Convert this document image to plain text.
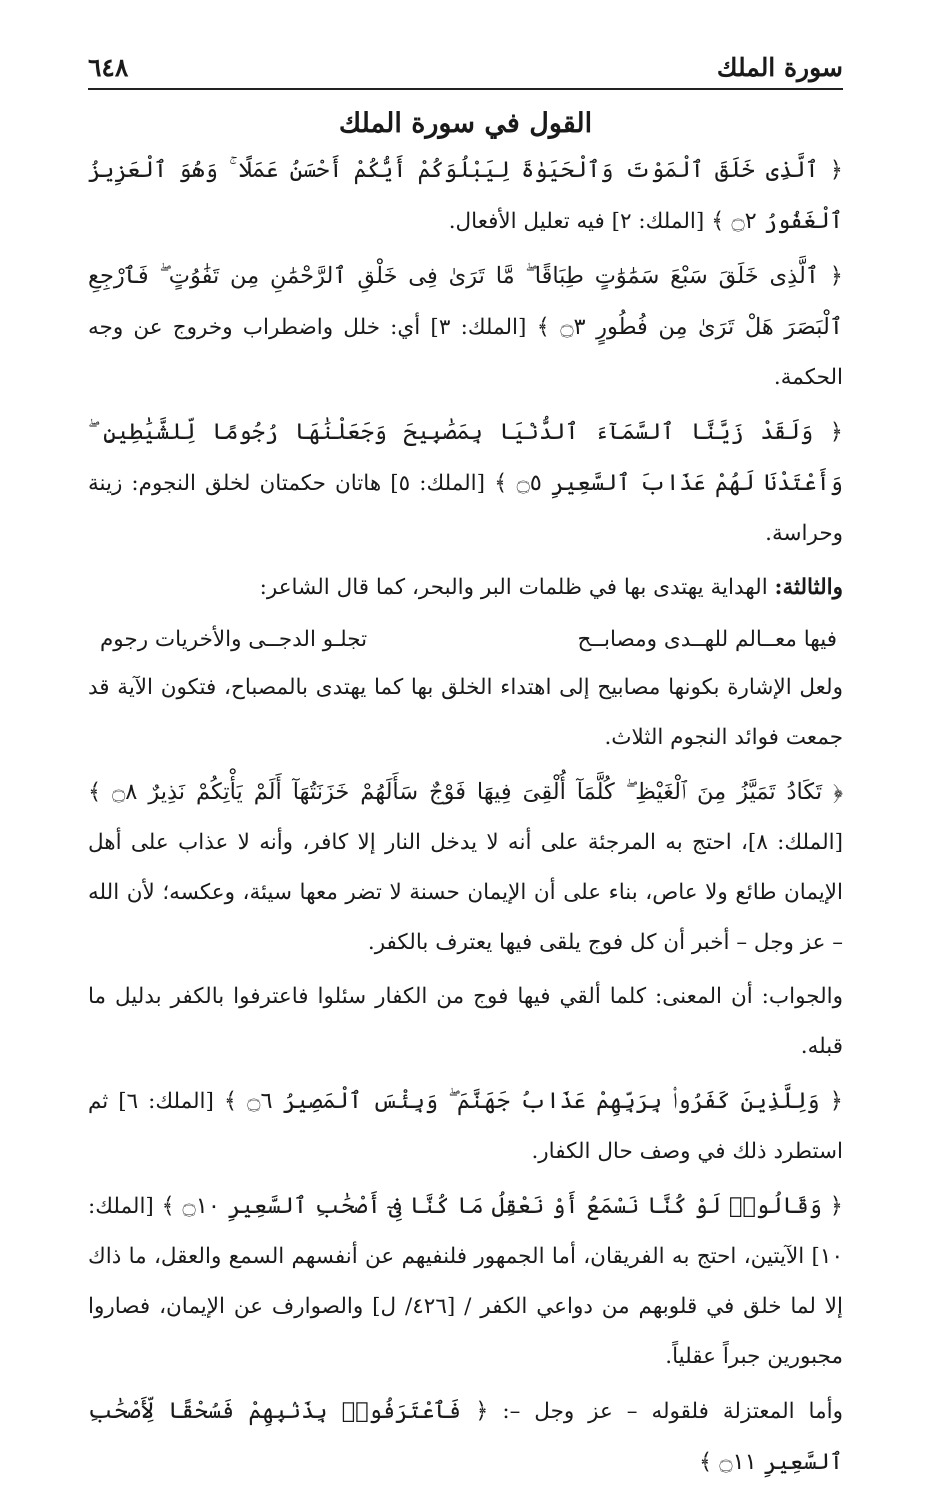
سورة الملك
٦٤٨
القول في سورة الملك

﴿ ٱلَّذِى خَلَقَ ٱلْمَوْتَ وَٱلْحَيَوٰةَ لِيَبْلُوَكُمْ أَيُّكُمْ أَحْسَنُ عَمَلًا ۚ وَهُوَ ٱلْعَزِيزُ ٱلْغَفُورُ ۝٢ ﴾ [الملك: ٢] فيه تعليل الأفعال.

﴿ ٱلَّذِى خَلَقَ سَبْعَ سَمَٰوَٰتٍ طِبَاقًا ۖ مَّا تَرَىٰ فِى خَلْقِ ٱلرَّحْمَٰنِ مِن تَفَٰوُتٍ ۖ فَٱرْجِعِ ٱلْبَصَرَ هَلْ تَرَىٰ مِن فُطُورٍ ۝٣ ﴾ [الملك: ٣] أي: خلل واضطراب وخروج عن وجه الحكمة.

﴿ وَلَقَدْ زَيَّنَّا ٱلسَّمَآءَ ٱلدُّنْيَا بِمَصَٰبِيحَ وَجَعَلْنَٰهَا رُجُومًا لِّلشَّيَٰطِينِ ۖ وَأَعْتَدْنَا لَهُمْ عَذَابَ ٱلسَّعِيرِ ۝٥ ﴾ [الملك: ٥] هاتان حكمتان لخلق النجوم: زينة وحراسة.

والثالثة: الهداية يهتدى بها في ظلمات البر والبحر، كما قال الشاعر:

فيها معــالم للهــدى ومصابــح
تجلـو الدجــى والأخريات رجوم

ولعل الإشارة بكونها مصابيح إلى اهتداء الخلق بها كما يهتدى بالمصباح، فتكون الآية قد جمعت فوائد النجوم الثلاث.

﴿ تَكَادُ تَمَيَّزُ مِنَ ٱلْغَيْظِ ۖ كُلَّمَآ أُلْقِىَ فِيهَا فَوْجٌ سَأَلَهُمْ خَزَنَتُهَآ أَلَمْ يَأْتِكُمْ نَذِيرٌ ۝٨ ﴾ [الملك: ٨]، احتج به المرجئة على أنه لا يدخل النار إلا كافر، وأنه لا عذاب على أهل الإيمان طائع ولا عاص، بناء على أن الإيمان حسنة لا تضر معها سيئة، وعكسه؛ لأن الله – عز وجل – أخبر أن كل فوج يلقى فيها يعترف بالكفر.

والجواب: أن المعنى: كلما ألقي فيها فوج من الكفار سئلوا فاعترفوا بالكفر بدليل ما قبله.

﴿ وَلِلَّذِينَ كَفَرُوا۟ بِرَبِّهِمْ عَذَابُ جَهَنَّمَ ۖ وَبِئْسَ ٱلْمَصِيرُ ۝٦ ﴾ [الملك: ٦] ثم استطرد ذلك في وصف حال الكفار.

﴿ وَقَالُوا۟ لَوْ كُنَّا نَسْمَعُ أَوْ نَعْقِلُ مَا كُنَّا فِىٓ أَصْحَٰبِ ٱلسَّعِيرِ ۝١٠ ﴾ [الملك: ١٠] الآيتين، احتج به الفريقان، أما الجمهور فلنفيهم عن أنفسهم السمع والعقل، ما ذاك إلا لما خلق في قلوبهم من دواعي الكفر / [٤٢٦/ ل] والصوارف عن الإيمان، فصاروا مجبورين جبراً عقلياً.

وأما المعتزلة فلقوله – عز وجل –: ﴿ فَٱعْتَرَفُوا۟ بِذَنۢبِهِمْ فَسُحْقًا لِّأَصْحَٰبِ ٱلسَّعِيرِ ۝١١ ﴾
